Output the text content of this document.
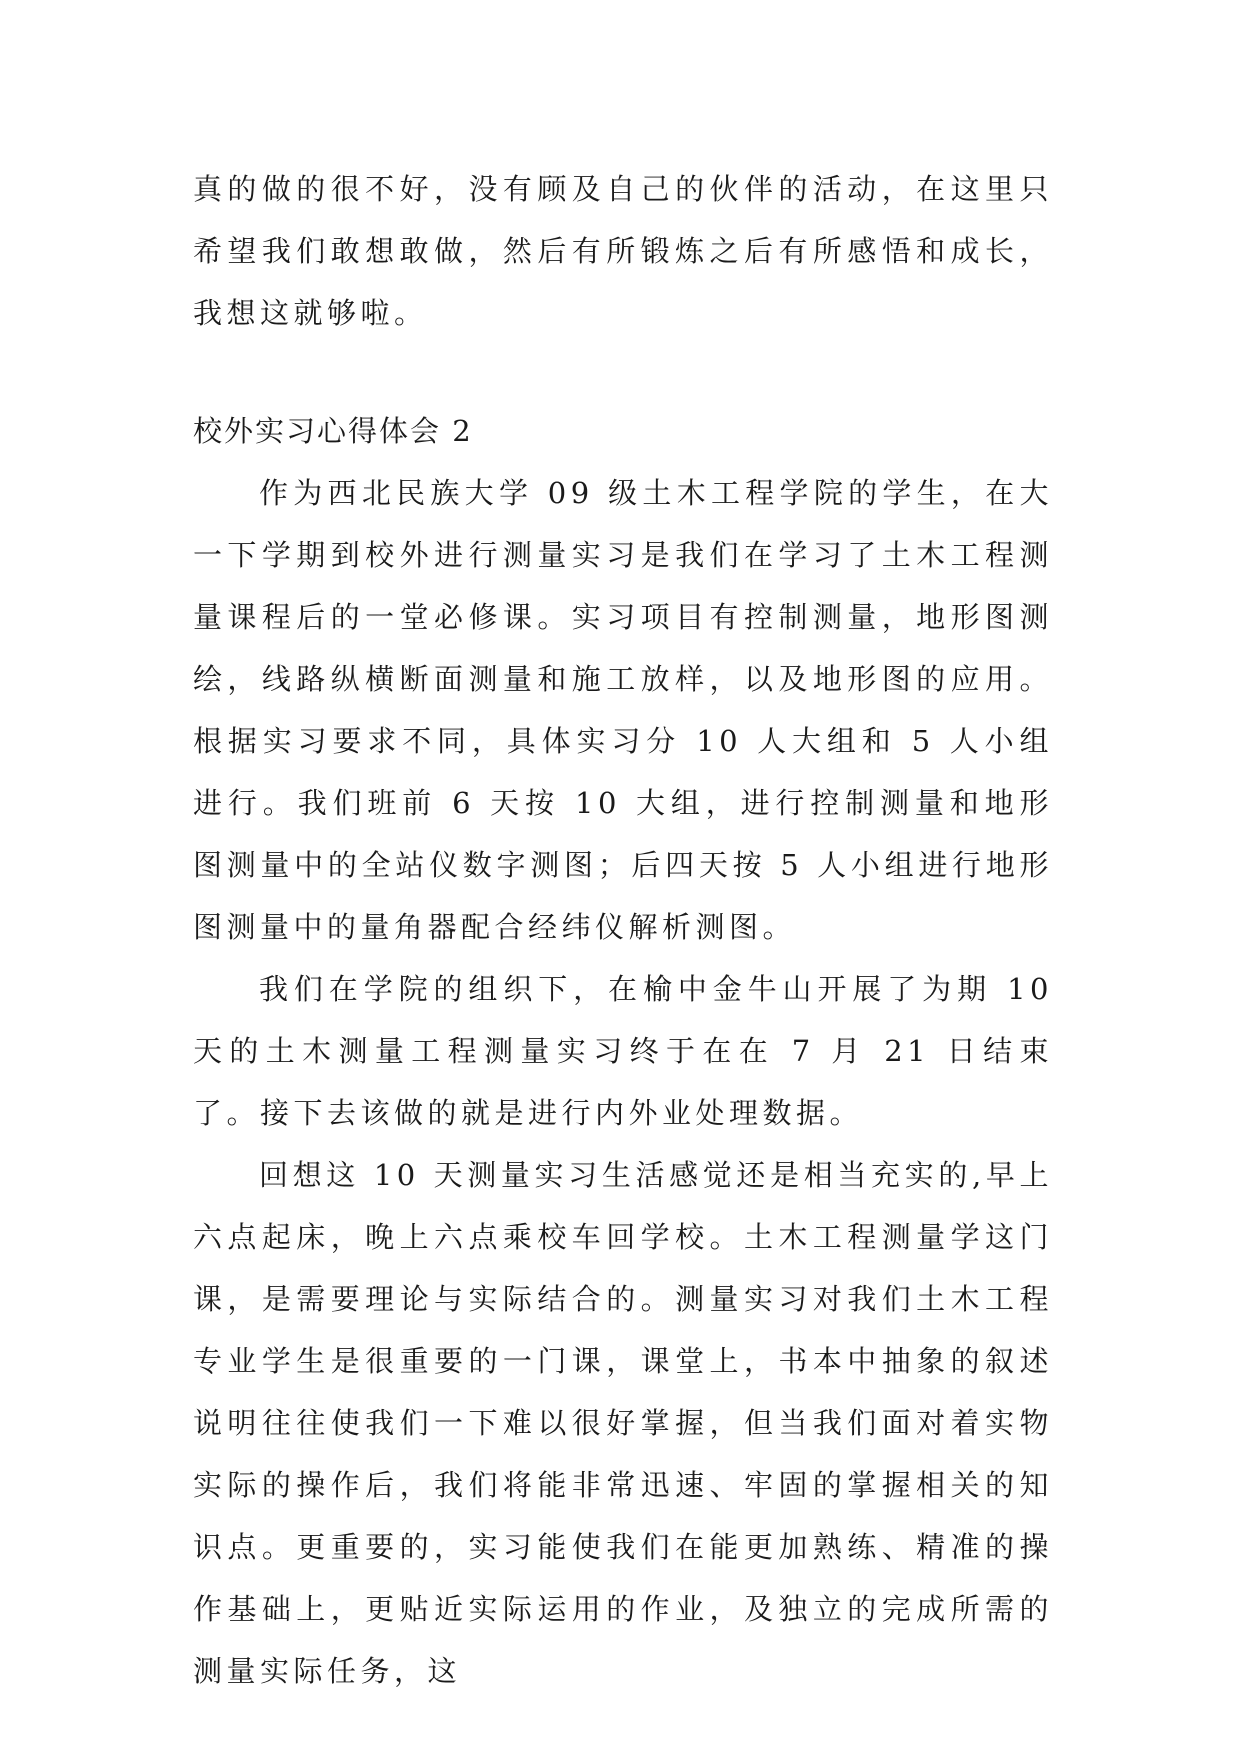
真的做的很不好，没有顾及自己的伙伴的活动，在这里只希望我们敢想敢做，然后有所锻炼之后有所感悟和成长，我想这就够啦。

校外实习心得体会 2

作为西北民族大学 09 级土木工程学院的学生，在大一下学期到校外进行测量实习是我们在学习了土木工程测量课程后的一堂必修课。实习项目有控制测量，地形图测绘，线路纵横断面测量和施工放样，以及地形图的应用。根据实习要求不同，具体实习分 10 人大组和 5 人小组进行。我们班前 6 天按 10 大组，进行控制测量和地形图测量中的全站仪数字测图；后四天按 5 人小组进行地形图测量中的量角器配合经纬仪解析测图。

我们在学院的组织下，在榆中金牛山开展了为期 10 天的土木测量工程测量实习终于在在 7 月 21 日结束了。接下去该做的就是进行内外业处理数据。

回想这 10 天测量实习生活感觉还是相当充实的,早上六点起床，晚上六点乘校车回学校。土木工程测量学这门课，是需要理论与实际结合的。测量实习对我们土木工程专业学生是很重要的一门课，课堂上，书本中抽象的叙述说明往往使我们一下难以很好掌握，但当我们面对着实物实际的操作后，我们将能非常迅速、牢固的掌握相关的知识点。更重要的，实习能使我们在能更加熟练、精准的操作基础上，更贴近实际运用的作业，及独立的完成所需的测量实际任务，这
